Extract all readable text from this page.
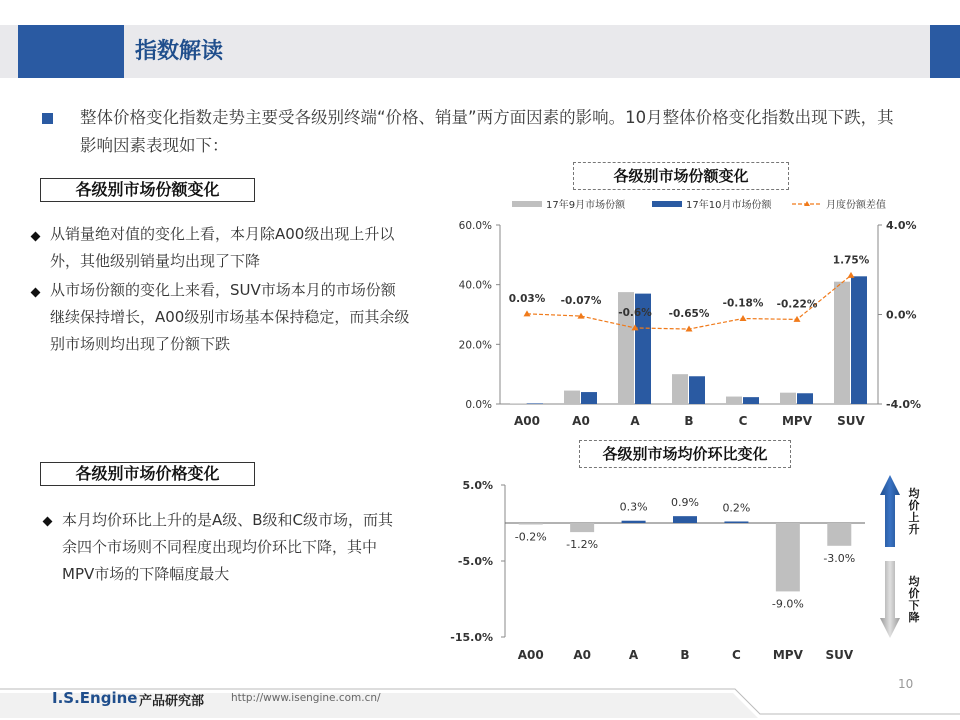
指数解读
整体价格变化指数走势主要受各级别终端“价格、销量”两方面因素的影响。10月整体价格变化指数出现下跌，其影响因素表现如下：
各级别市场份额变化
从销量绝对值的变化上看，本月除A00级出现上升以外，其他级别销量均出现了下降
从市场份额的变化上来看，SUV市场本月的市场份额继续保持增长，A00级别市场基本保持稳定，而其余级别市场则均出现了份额下跌
各级别市场价格变化
本月均价环比上升的是A级、B级和C级市场，而其余四个市场则不同程度出现均价环比下降，其中MPV市场的下降幅度最大
各级别市场份额变化
各级别市场均价环比变化
60.0%
40.0%
20.0%
0.0%
4.0%
0.0%
-4.0%
A00	A0	A	B	C	MPV SUV
0.03% -0.07%
-0.6% -0.65%
-0.18% -0.22%
1.75%
17年9月市场份额	17年10月市场份额	月度份额差值
5.0%
-5.0%
-15.0%
-0.2%
A00
-1.2%
A0
0.3%
A
0.9%
B
0.2%
C
-9.0%
MPV
-3.0%
SUV
均价上升
均价下降
I.S.Engine 产品研究部	http://www.isengine.com.cn/
10
